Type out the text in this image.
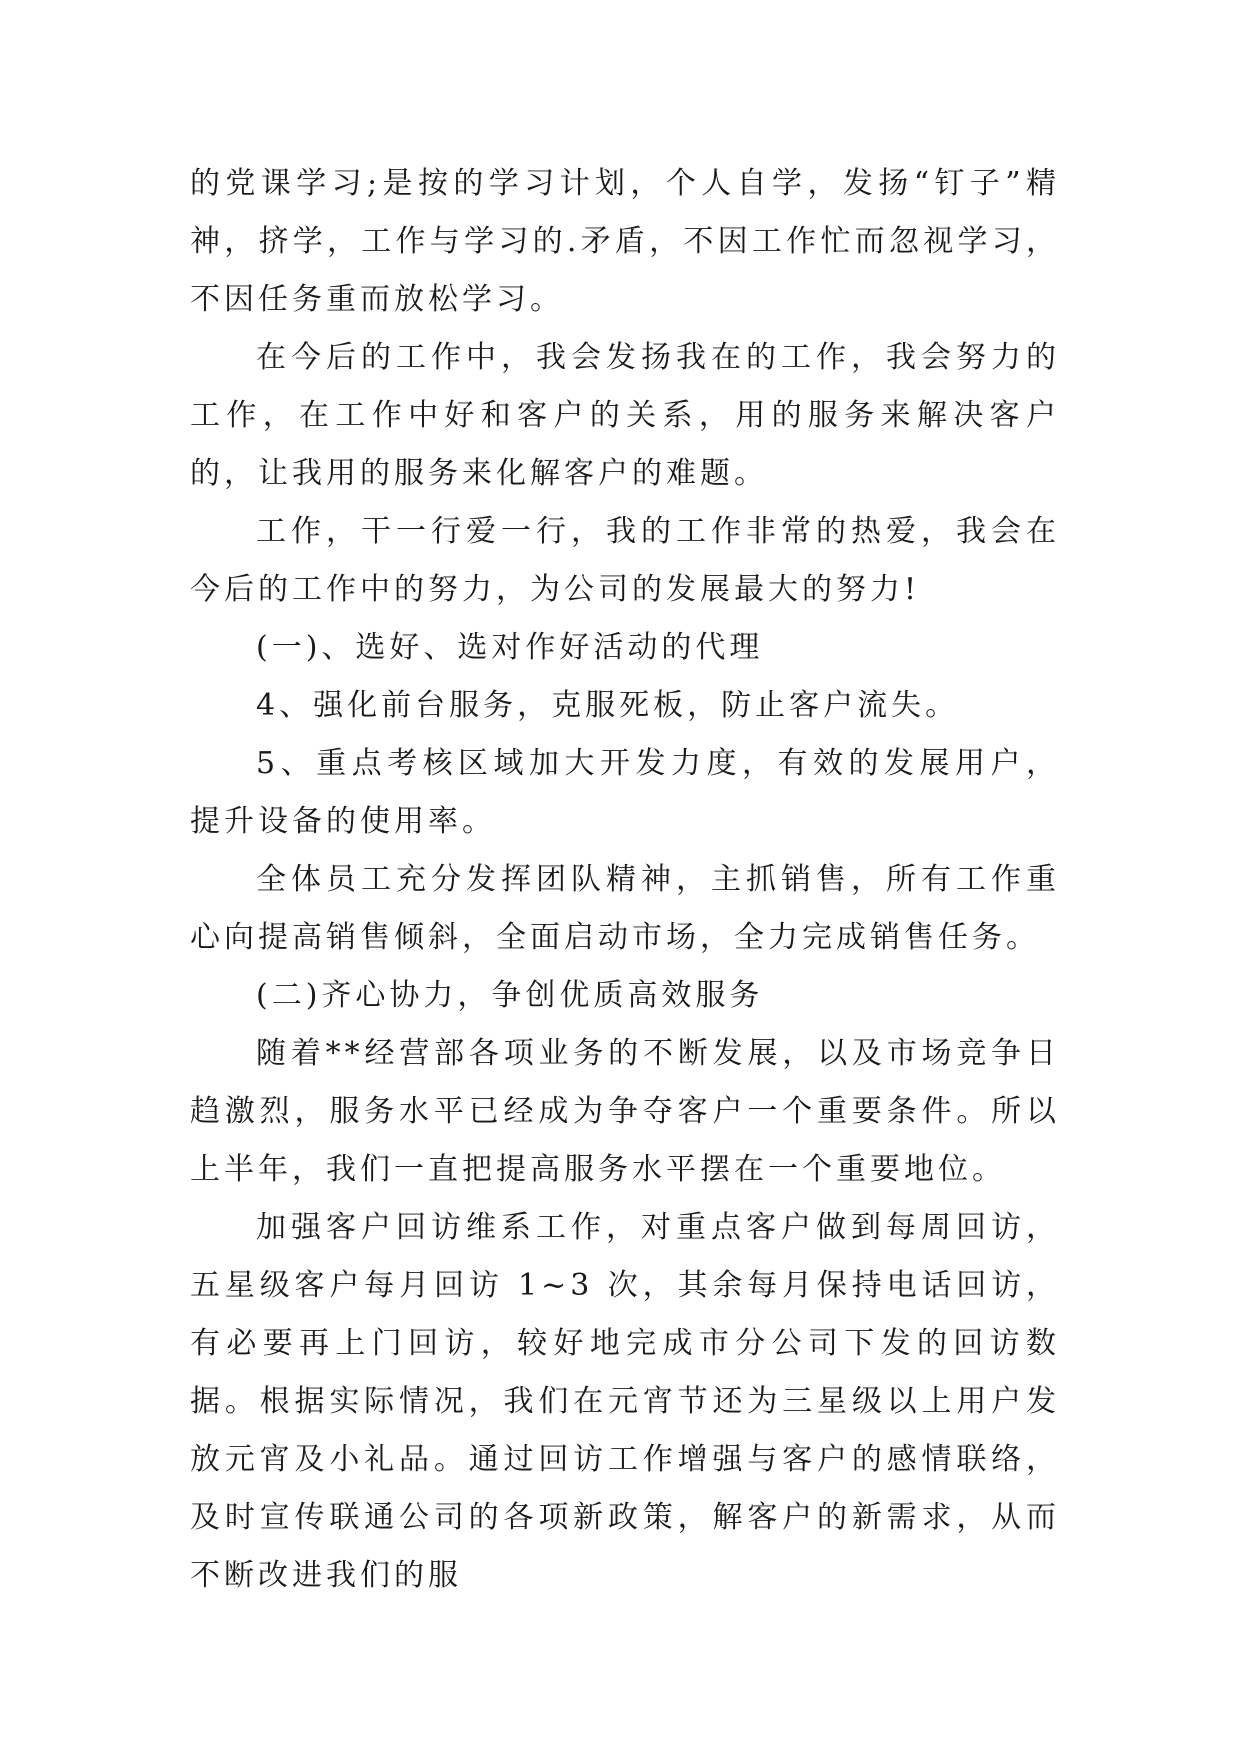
的党课学习;是按的学习计划，个人自学，发扬“钉子”精神，挤学，工作与学习的.矛盾，不因工作忙而忽视学习，不因任务重而放松学习。

在今后的工作中，我会发扬我在的工作，我会努力的工作，在工作中好和客户的关系，用的服务来解决客户的，让我用的服务来化解客户的难题。

工作，干一行爱一行，我的工作非常的热爱，我会在今后的工作中的努力，为公司的发展最大的努力!

(一)、选好、选对作好活动的代理

4、强化前台服务，克服死板，防止客户流失。

5、重点考核区域加大开发力度，有效的发展用户，提升设备的使用率。

全体员工充分发挥团队精神，主抓销售，所有工作重心向提高销售倾斜，全面启动市场，全力完成销售任务。

(二)齐心协力，争创优质高效服务

随着**经营部各项业务的不断发展，以及市场竞争日趋激烈，服务水平已经成为争夺客户一个重要条件。所以上半年，我们一直把提高服务水平摆在一个重要地位。

加强客户回访维系工作，对重点客户做到每周回访，五星级客户每月回访 1~3 次，其余每月保持电话回访，有必要再上门回访，较好地完成市分公司下发的回访数据。根据实际情况，我们在元宵节还为三星级以上用户发放元宵及小礼品。通过回访工作增强与客户的感情联络，及时宣传联通公司的各项新政策，解客户的新需求，从而不断改进我们的服
